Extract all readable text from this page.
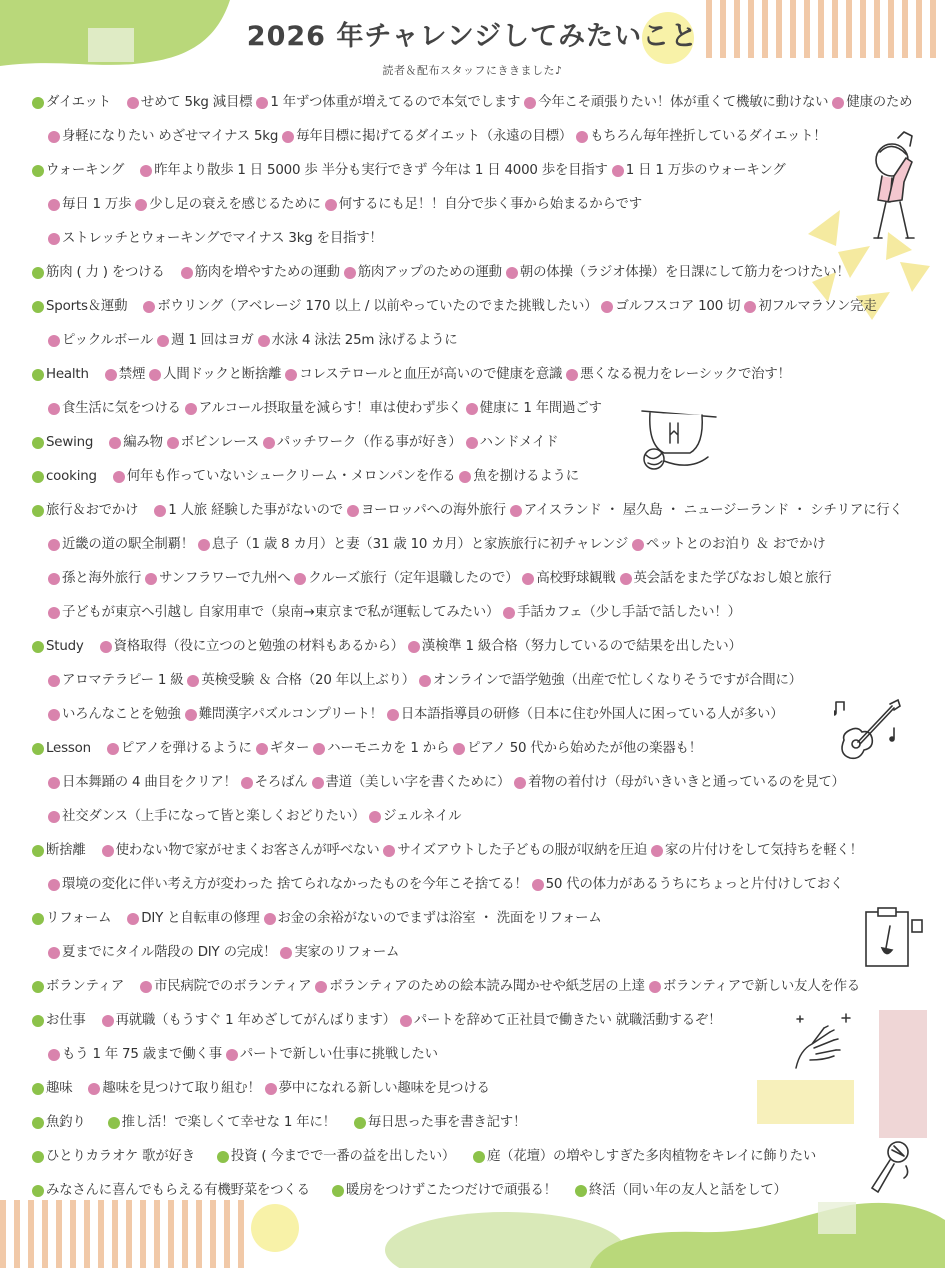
2026 年チャレンジしてみたいこと
読者＆配布スタッフにききました♪
ダイエット せめて 5kg 減目標 1 年ずつ体重が増えてるので本気でします 今年こそ頑張りたい！体が重くて機敏に動けない 健康のため
身軽になりたい めざせマイナス 5kg 毎年目標に掲げてるダイエット（永遠の目標） もちろん毎年挫折しているダイエット！
ウォーキング 昨年より散歩 1 日 5000 歩 半分も実行できず 今年は 1 日 4000 歩を目指す 1 日 1 万歩のウォーキング
毎日 1 万歩 少し足の衰えを感じるために 何するにも足！！自分で歩く事から始まるからです
ストレッチとウォーキングでマイナス 3kg を目指す！
筋肉 ( 力 ) をつける 筋肉を増やすための運動 筋肉アップのための運動 朝の体操（ラジオ体操）を日課にして筋力をつけたい！
Sports＆運動 ボウリング（アベレージ 170 以上 / 以前やっていたのでまた挑戦したい） ゴルフスコア 100 切 初フルマラソン完走
ピックルボール 週 1 回はヨガ 水泳 4 泳法 25m 泳げるように
Health 禁煙 人間ドックと断捨離 コレステロールと血圧が高いので健康を意識 悪くなる視力をレーシックで治す！
食生活に気をつける アルコール摂取量を減らす！車は使わず歩く 健康に 1 年間過ごす
Sewing 編み物 ボビンレース パッチワーク（作る事が好き） ハンドメイド
cooking 何年も作っていないシュークリーム・メロンパンを作る 魚を捌けるように
旅行＆おでかけ 1 人旅 経験した事がないので ヨーロッパへの海外旅行 アイスランド ・ 屋久島 ・ ニュージーランド ・ シチリアに行く
近畿の道の駅全制覇！ 息子（1 歳 8 カ月）と妻（31 歳 10 カ月）と家族旅行に初チャレンジ ペットとのお泊り ＆ おでかけ
孫と海外旅行 サンフラワーで九州へ クルーズ旅行（定年退職したので） 高校野球観戦 英会話をまた学びなおし娘と旅行
子どもが東京へ引越し 自家用車で（泉南→東京まで私が運転してみたい） 手話カフェ（少し手話で話したい！）
Study 資格取得（役に立つのと勉強の材料もあるから） 漢検準 1 級合格（努力しているので結果を出したい）
アロマテラピー 1 級 英検受験 ＆ 合格（20 年以上ぶり） オンラインで語学勉強（出産で忙しくなりそうですが合間に）
いろんなことを勉強 難問漢字パズルコンプリート！ 日本語指導員の研修（日本に住む外国人に困っている人が多い）
Lesson ピアノを弾けるように ギター ハーモニカを 1 から ピアノ 50 代から始めたが他の楽器も！
日本舞踊の 4 曲目をクリア！ そろばん 書道（美しい字を書くために） 着物の着付け（母がいきいきと通っているのを見て）
社交ダンス（上手になって皆と楽しくおどりたい） ジェルネイル
断捨離 使わない物で家がせまくお客さんが呼べない サイズアウトした子どもの服が収納を圧迫 家の片付けをして気持ちを軽く！
環境の変化に伴い考え方が変わった 捨てられなかったものを今年こそ捨てる！ 50 代の体力があるうちにちょっと片付けしておく
リフォーム DIY と自転車の修理 お金の余裕がないのでまずは浴室 ・ 洗面をリフォーム
夏までにタイル階段の DIY の完成！ 実家のリフォーム
ボランティア 市民病院でのボランティア ボランティアのための絵本読み聞かせや紙芝居の上達 ボランティアで新しい友人を作る
お仕事 再就職（もうすぐ 1 年めざしてがんばります） パートを辞めて正社員で働きたい 就職活動するぞ！
もう 1 年 75 歳まで働く事 パートで新しい仕事に挑戦したい
趣味 趣味を見つけて取り組む！ 夢中になれる新しい趣味を見つける
魚釣り	推し活！で楽しくて幸せな 1 年に！ 毎日思った事を書き記す！
ひとりカラオケ 歌が好き	投資 ( 今までで一番の益を出したい） 庭（花壇）の増やしすぎた多肉植物をキレイに飾りたい
みなさんに喜んでもらえる有機野菜をつくる	暖房をつけずこたつだけで頑張る！ 終活（同い年の友人と話をして）
